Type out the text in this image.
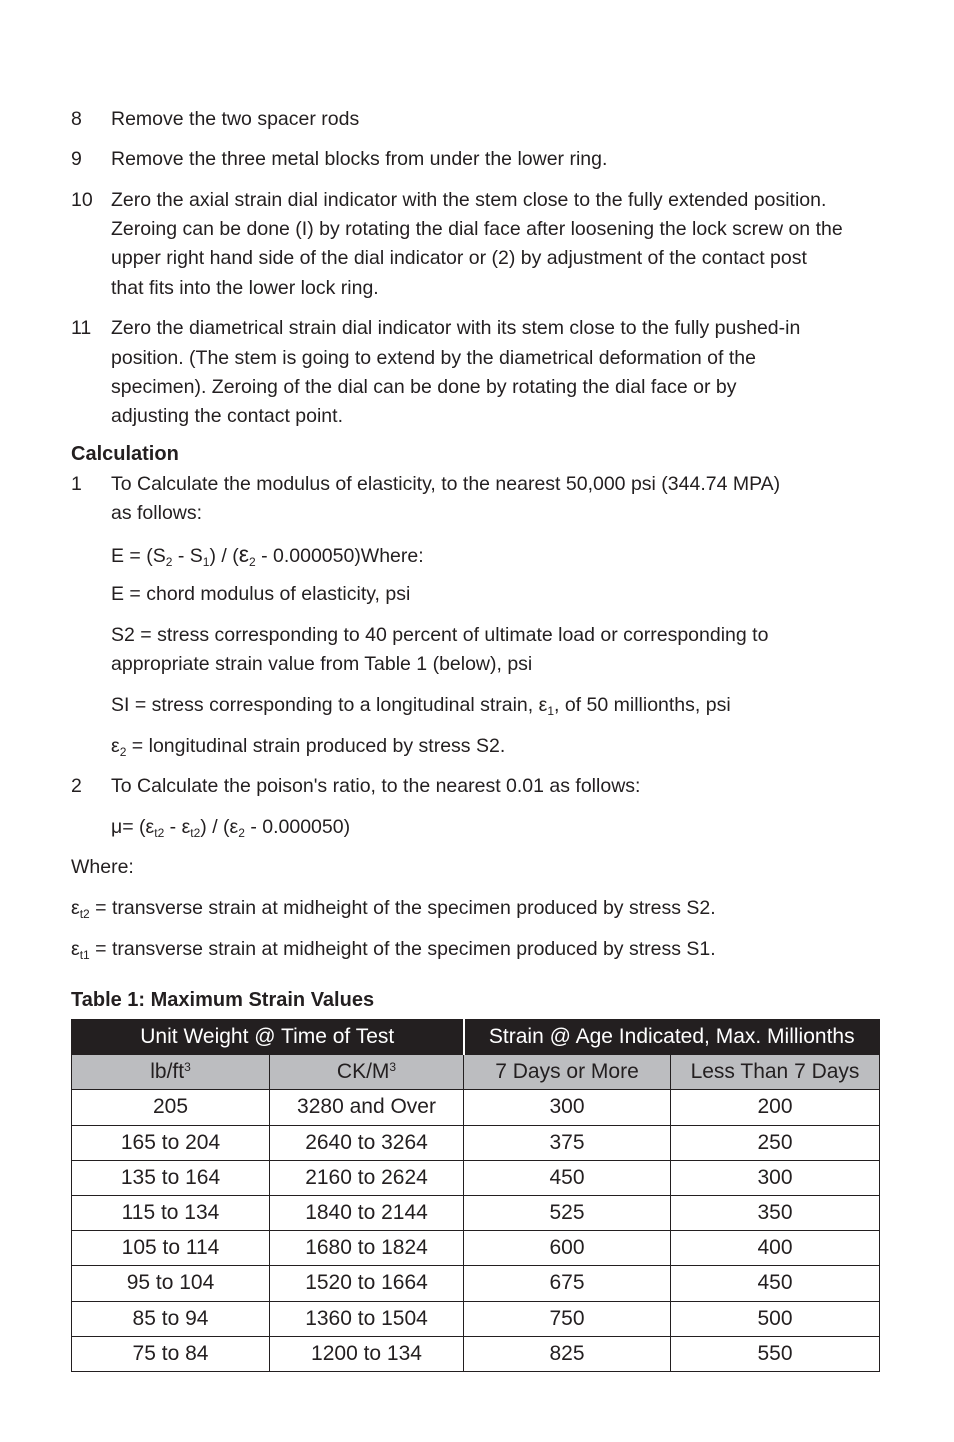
8 Remove the two spacer rods
9 Remove the three metal blocks from under the lower ring.
10 Zero the axial strain dial indicator with the stem close to the fully extended position.
Zeroing can be done (I) by rotating the dial face after loosening the lock screw on the
upper right hand side of the dial indicator or (2) by adjustment of the contact post
that fits into the lower lock ring.
11 Zero the diametrical strain dial indicator with its stem close to the fully pushed-in
position. (The stem is going to extend by the diametrical deformation of the
specimen). Zeroing of the dial can be done by rotating the dial face or by
adjusting the contact point.
Calculation
1 To Calculate the modulus of elasticity, to the nearest 50,000 psi (344.74 MPA)
as follows:
$E = (S_2 - S_1) / (\varepsilon_2$ - 0.000050)Where:
E = chord modulus of elasticity, psi
S2 = stress corresponding to 40 percent of ultimate load or corresponding to
appropriate strain value from Table 1 (below), psi
SI = stress corresponding to a longitudinal strain, $\varepsilon_1$, of 50 millionths, psi
$\varepsilon_2$ = longitudinal strain produced by stress S2.
2 To Calculate the poison's ratio, to the nearest 0.01 as follows:
$\mu= (\varepsilon_{t2} - \varepsilon_{t2}) / (\varepsilon_2 - 0.000050)$
Where:
$\varepsilon_{t2}$ = transverse strain at midheight of the specimen produced by stress S2.
$\varepsilon_{t1}$ = transverse strain at midheight of the specimen produced by stress S1.
Table 1: Maximum Strain Values
Unit Weight @ Time of Test		Strain @ Age Indicated, Max. Millionths	
$lb/ft^3$	$CK/M^3$	7 Days or More	Less Than 7 Days
205	3280 and Over	300	200
165 to 204	2640 to 3264	375	250
135 to 164	2160 to 2624	450	300
115 to 134	1840 to 2144	525	350
105 to 114	1680 to 1824	600	400
95 to 104	1520 to 1664	675	450
85 to 94	1360 to 1504	750	500
75 to 84	1200 to 134	825	550
